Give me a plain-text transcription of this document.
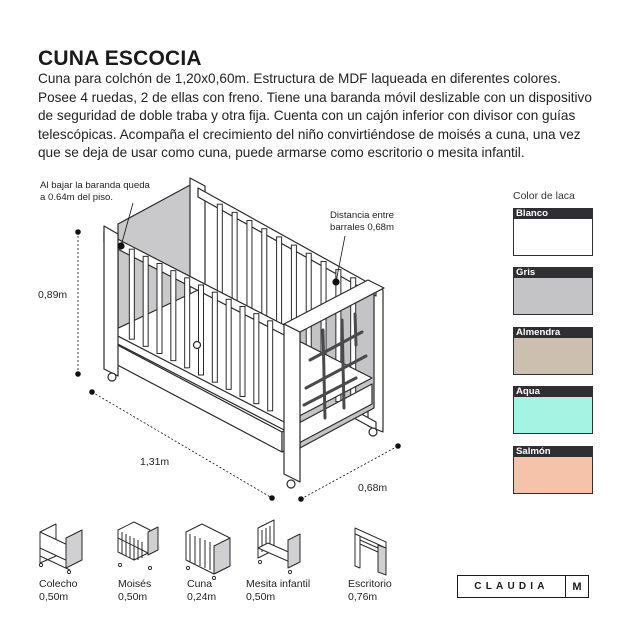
CUNA ESCOCIA
Cuna para colchón de 1,20x0,60m. Estructura de MDF laqueada en diferentes colores.
Posee 4 ruedas, 2 de ellas con freno. Tiene una baranda móvil deslizable con un dispositivo
de seguridad de doble traba y otra fija. Cuenta con un cajón inferior con divisor con guías
telescópicas. Acompaña el crecimiento del niño convirtiéndose de moisés a cuna, una vez
que se deja de usar como cuna, puede armarse como escritorio o mesita infantil.
Al bajar la baranda queda
a 0.64m del piso.
Distancia entre
barrales 0,68m
0,89m
1,31m
0,68m
Color de laca
Blanco
Gris
Almendra
Aqua
Salmón
Colecho
0,50m
Moisés
0,50m
Cuna
0,24m
Mesita infantil
0,50m
Escritorio
0,76m
CLAUDIA	M
